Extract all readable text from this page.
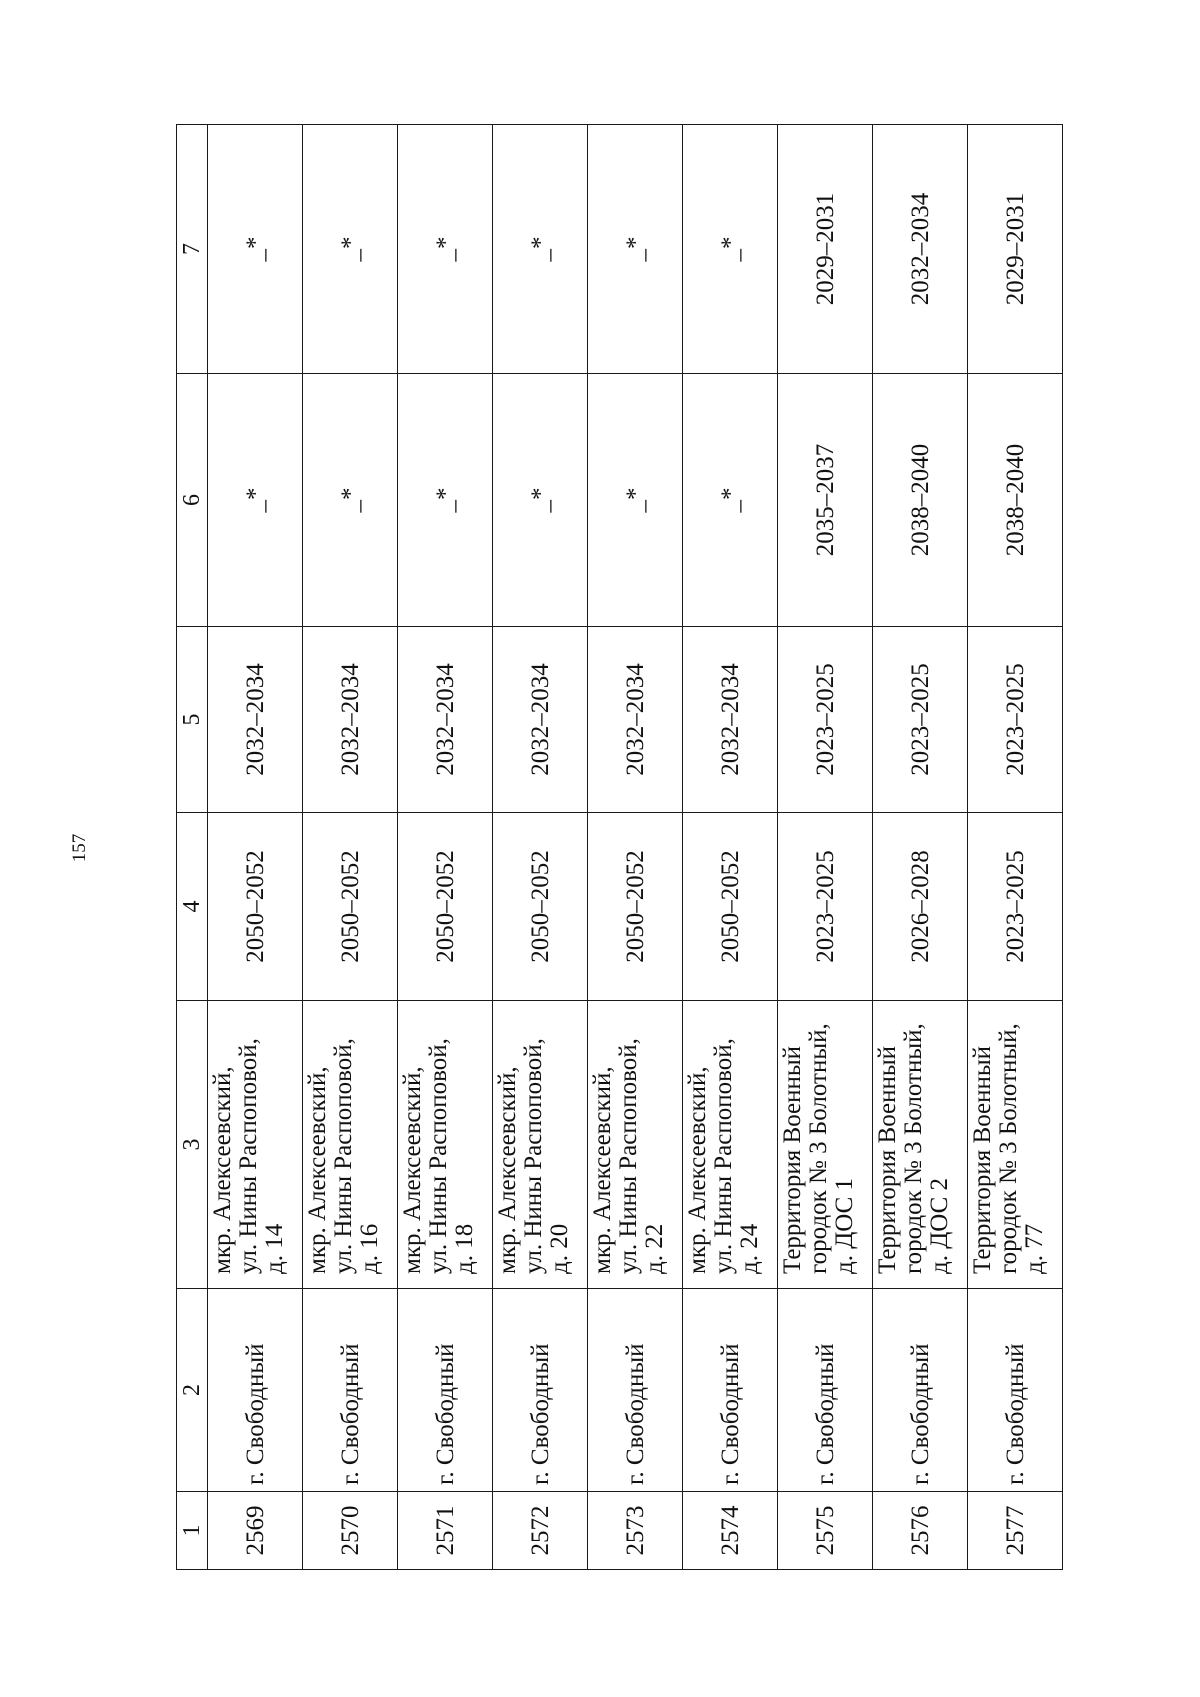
157
1	2	3	4	5	6	7
2569	г. Свободный	мкр. Алексеевский, ул. Нины Распоповой, д. 14	2050–2052	2032–2034	_*	_*
2570	г. Свободный	мкр. Алексеевский, ул. Нины Распоповой, д. 16	2050–2052	2032–2034	_*	_*
2571	г. Свободный	мкр. Алексеевский, ул. Нины Распоповой, д. 18	2050–2052	2032–2034	_*	_*
2572	г. Свободный	мкр. Алексеевский, ул. Нины Распоповой, д. 20	2050–2052	2032–2034	_*	_*
2573	г. Свободный	мкр. Алексеевский, ул. Нины Распоповой, д. 22	2050–2052	2032–2034	_*	_*
2574	г. Свободный	мкр. Алексеевский, ул. Нины Распоповой, д. 24	2050–2052	2032–2034	_*	_*
2575	г. Свободный	Территория Военный городок № 3 Болотный, д. ДОС 1	2023–2025	2023–2025	2035–2037	2029–2031
2576	г. Свободный	Территория Военный городок № 3 Болотный, д. ДОС 2	2026–2028	2023–2025	2038–2040	2032–2034
2577	г. Свободный	Территория Военный городок № 3 Болотный, д. 77	2023–2025	2023–2025	2038–2040	2029–2031
